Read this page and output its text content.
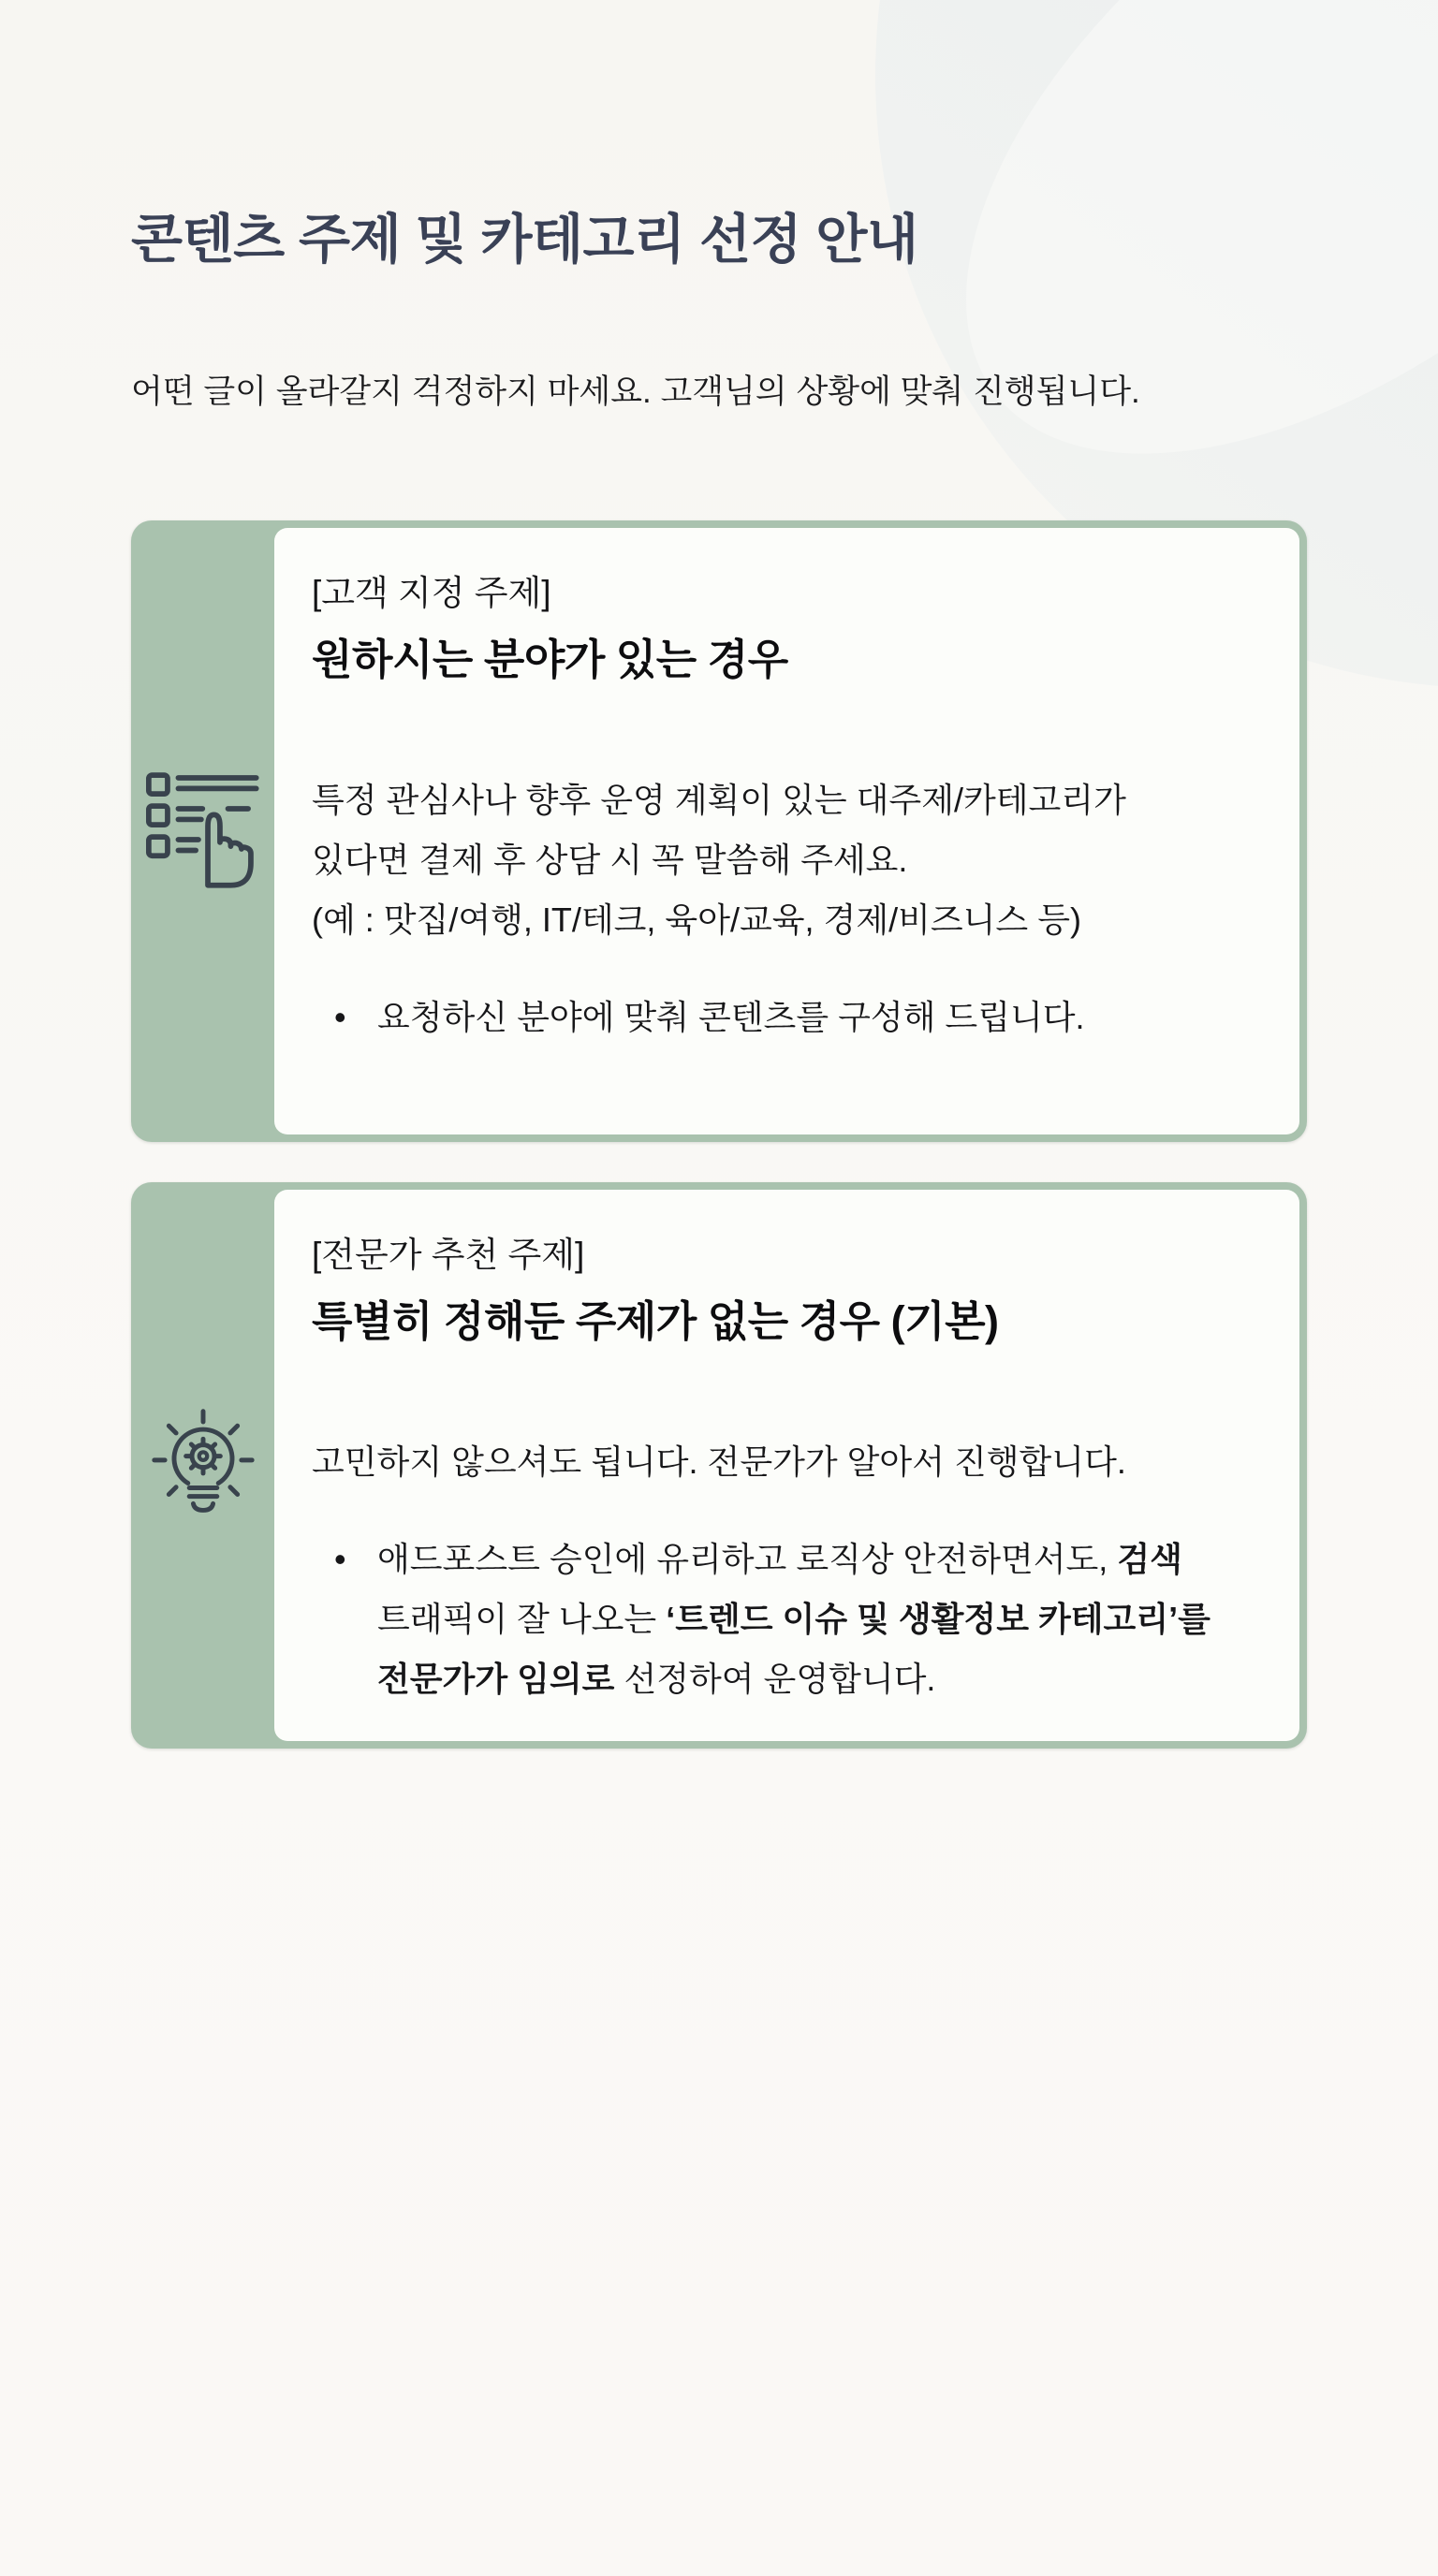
콘텐츠 주제 및 카테고리 선정 안내

어떤 글이 올라갈지 걱정하지 마세요. 고객님의 상황에 맞춰 진행됩니다.

[고객 지정 주제]
원하시는 분야가 있는 경우

특정 관심사나 향후 운영 계획이 있는 대주제/카테고리가
있다면 결제 후 상담 시 꼭 말씀해 주세요.
(예 : 맛집/여행, IT/테크, 육아/교육, 경제/비즈니스 등)

• 요청하신 분야에 맞춰 콘텐츠를 구성해 드립니다.
[전문가 추천 주제]
특별히 정해둔 주제가 없는 경우 (기본)

고민하지 않으셔도 됩니다. 전문가가 알아서 진행합니다.

• 애드포스트 승인에 유리하고 로직상 안전하면서도, 검색 트래픽이 잘 나오는 ‘트렌드 이슈 및 생활정보 카테고리’를 전문가가 임의로 선정하여 운영합니다.
